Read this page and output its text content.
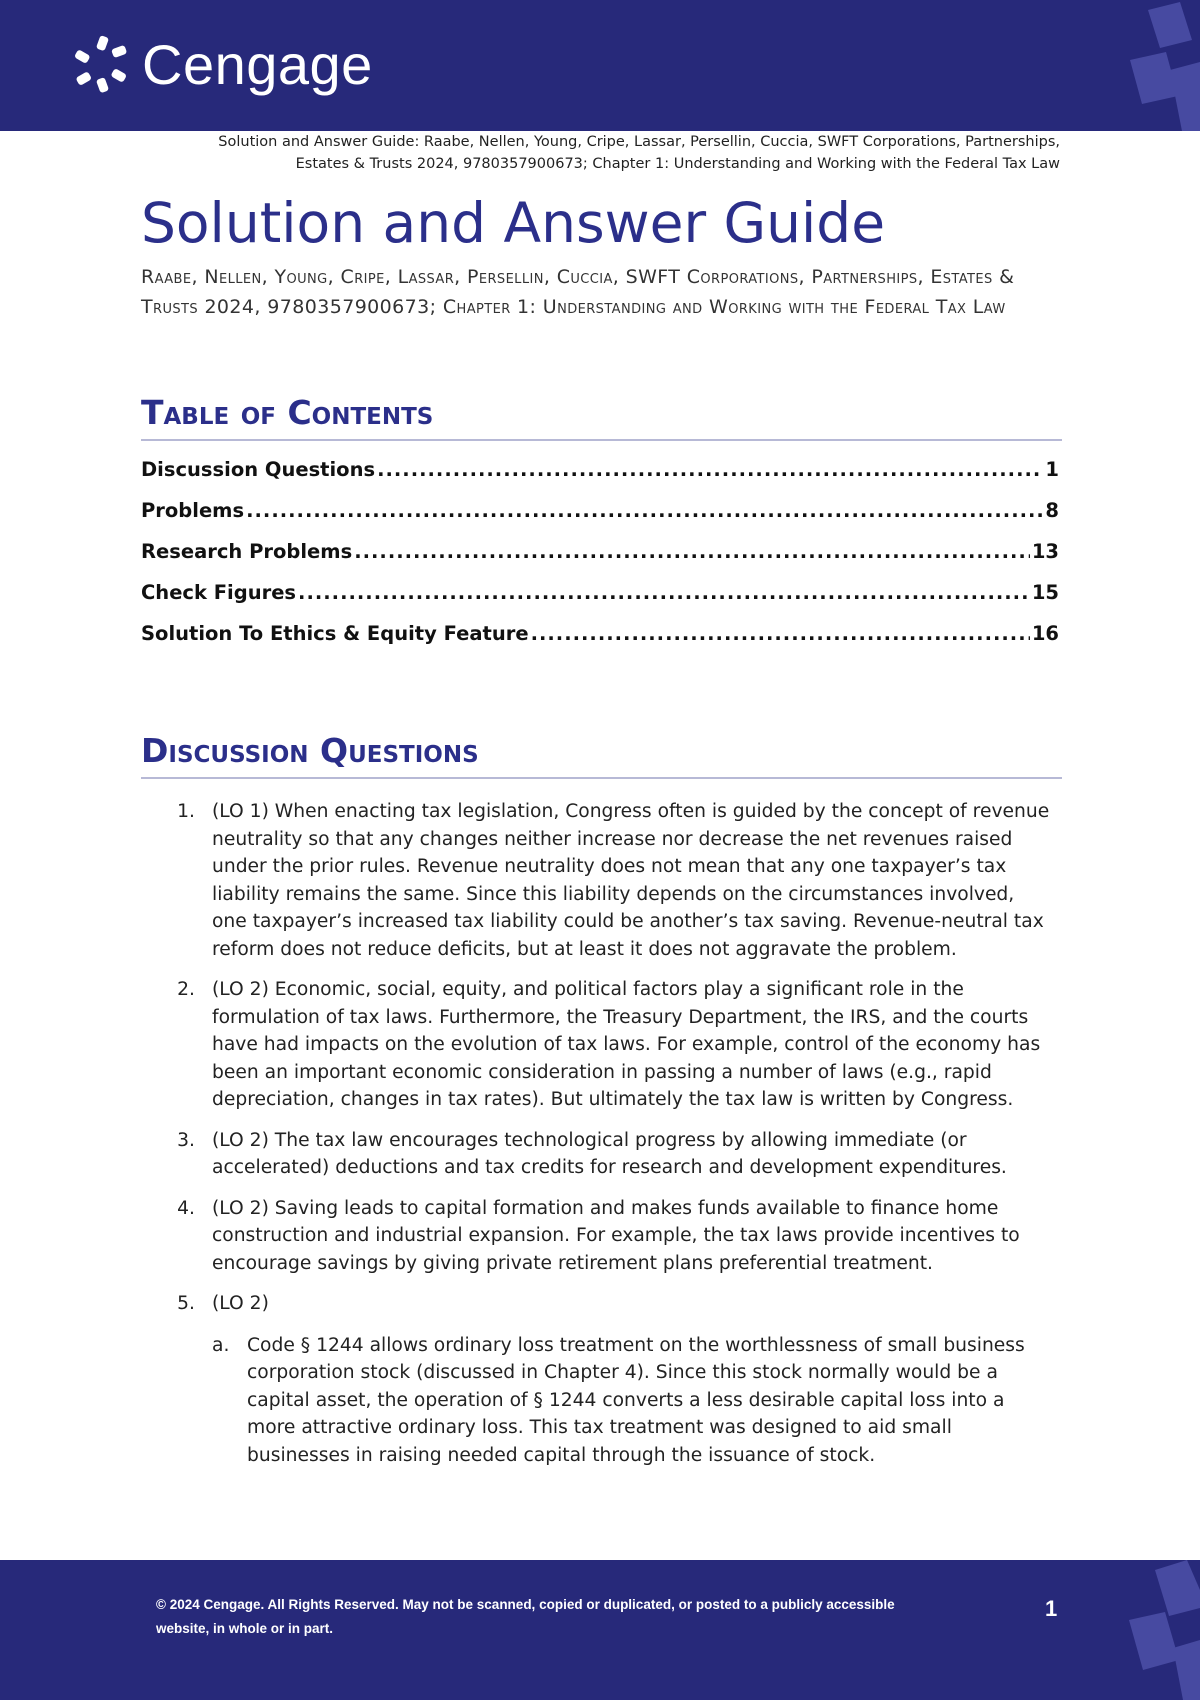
Cengage
Solution and Answer Guide: Raabe, Nellen, Young, Cripe, Lassar, Persellin, Cuccia, SWFT Corporations, Partnerships,
Estates & Trusts 2024, 9780357900673; Chapter 1: Understanding and Working with the Federal Tax Law
Solution and Answer Guide
Raabe, Nellen, Young, Cripe, Lassar, Persellin, Cuccia, SWFT Corporations, Partnerships, Estates & Trusts 2024, 9780357900673; Chapter 1: Understanding and Working with the Federal Tax Law
Table of Contents
Discussion Questions .....	1
Problems .....	8
Research Problems .....	13
Check Figures .....	15
Solution To Ethics & Equity Feature .....	16
Discussion Questions
1. (LO 1) When enacting tax legislation, Congress often is guided by the concept of revenue neutrality so that any changes neither increase nor decrease the net revenues raised under the prior rules. Revenue neutrality does not mean that any one taxpayer’s tax liability remains the same. Since this liability depends on the circumstances involved, one taxpayer’s increased tax liability could be another’s tax saving. Revenue-neutral tax reform does not reduce deficits, but at least it does not aggravate the problem.
2. (LO 2) Economic, social, equity, and political factors play a significant role in the formulation of tax laws. Furthermore, the Treasury Department, the IRS, and the courts have had impacts on the evolution of tax laws. For example, control of the economy has been an important economic consideration in passing a number of laws (e.g., rapid depreciation, changes in tax rates). But ultimately the tax law is written by Congress.
3. (LO 2) The tax law encourages technological progress by allowing immediate (or accelerated) deductions and tax credits for research and development expenditures.
4. (LO 2) Saving leads to capital formation and makes funds available to finance home construction and industrial expansion. For example, the tax laws provide incentives to encourage savings by giving private retirement plans preferential treatment.
5. (LO 2)
a. Code § 1244 allows ordinary loss treatment on the worthlessness of small business corporation stock (discussed in Chapter 4). Since this stock normally would be a capital asset, the operation of § 1244 converts a less desirable capital loss into a more attractive ordinary loss. This tax treatment was designed to aid small businesses in raising needed capital through the issuance of stock.
© 2024 Cengage. All Rights Reserved. May not be scanned, copied or duplicated, or posted to a publicly accessible
website, in whole or in part.
1
